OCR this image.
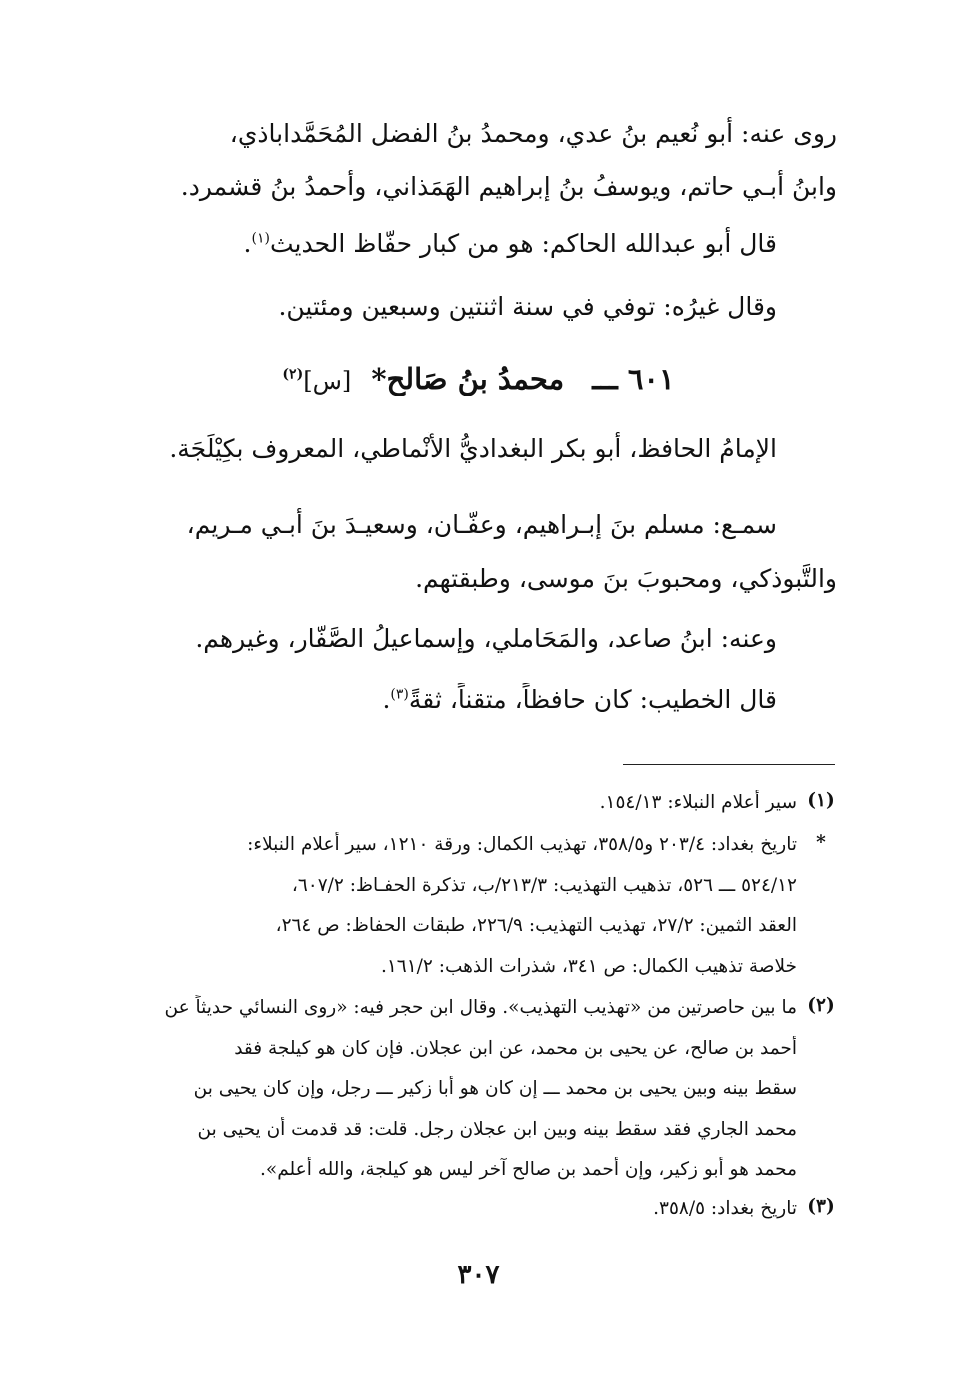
روى عنه: أبو نُعيم بنُ عدي، ومحمدُ بنُ الفضل المُحَمَّداباذي،
وابنُ أبـي حاتم، ويوسفُ بنُ إبراهيم الهَمَذاني، وأحمدُ بنُ قشمرد.
قال أبو عبدالله الحاكم: هو من كبار حفّاظ الحديث$^{(١)}$.
وقال غيرُه: توفي في سنة اثنتين وسبعين ومئتين.
٦٠١ ـــ محمدُ بنُ صَالح* [س]$^{(٢)}$
الإمامُ الحافظ، أبو بكر البغداديُّ الأَنْماطي، المعروف بكِيْلَجَة.
سمـع: مسلم بنَ إبـراهيم، وعفّـان، وسعيـدَ بنَ أبـي مـريم،
والتَّبوذكي، ومحبوبَ بنَ موسى، وطبقتهم.
وعنه: ابنُ صاعد، والمَحَاملي، وإسماعيلُ الصَّفّار، وغيرهم.
قال الخطيب: كان حافظاً، متقناً، ثقةً$^{(٣)}$.
(١)
سير أعلام النبلاء: ١٥٤/١٣.
*
تاريخ بغداد: ٢٠٣/٤ و٣٥٨/٥، تهذيب الكمال: ورقة ١٢١٠، سير أعلام النبلاء:
٥٢٤/١٢ ـــ ٥٢٦، تذهيب التهذيب: ٢١٣/٣/ب، تذكرة الحفـاظ: ٦٠٧/٢،
العقد الثمين: ٢٧/٢، تهذيب التهذيب: ٢٢٦/٩، طبقات الحفاظ: ص ٢٦٤،
خلاصة تذهيب الكمال: ص ٣٤١، شذرات الذهب: ١٦١/٢.
(٢)
ما بين حاصرتين من «تهذيب التهذيب». وقال ابن حجر فيه: «روى النسائي حديثاً عن
أحمد بن صالح، عن يحيى بن محمد، عن ابن عجلان. فإن كان هو كيلجة فقد
سقط بينه وبين يحيى بن محمد ـــ إن كان هو أبا زكير ـــ رجل، وإن كان يحيى بن
محمد الجاري فقد سقط بينه وبين ابن عجلان رجل. قلت: قد قدمت أن يحيى بن
محمد هو أبو زكير، وإن أحمد بن صالح آخر ليس هو كيلجة، والله أعلم».
(٣)
تاريخ بغداد: ٣٥٨/٥.
٣٠٧
